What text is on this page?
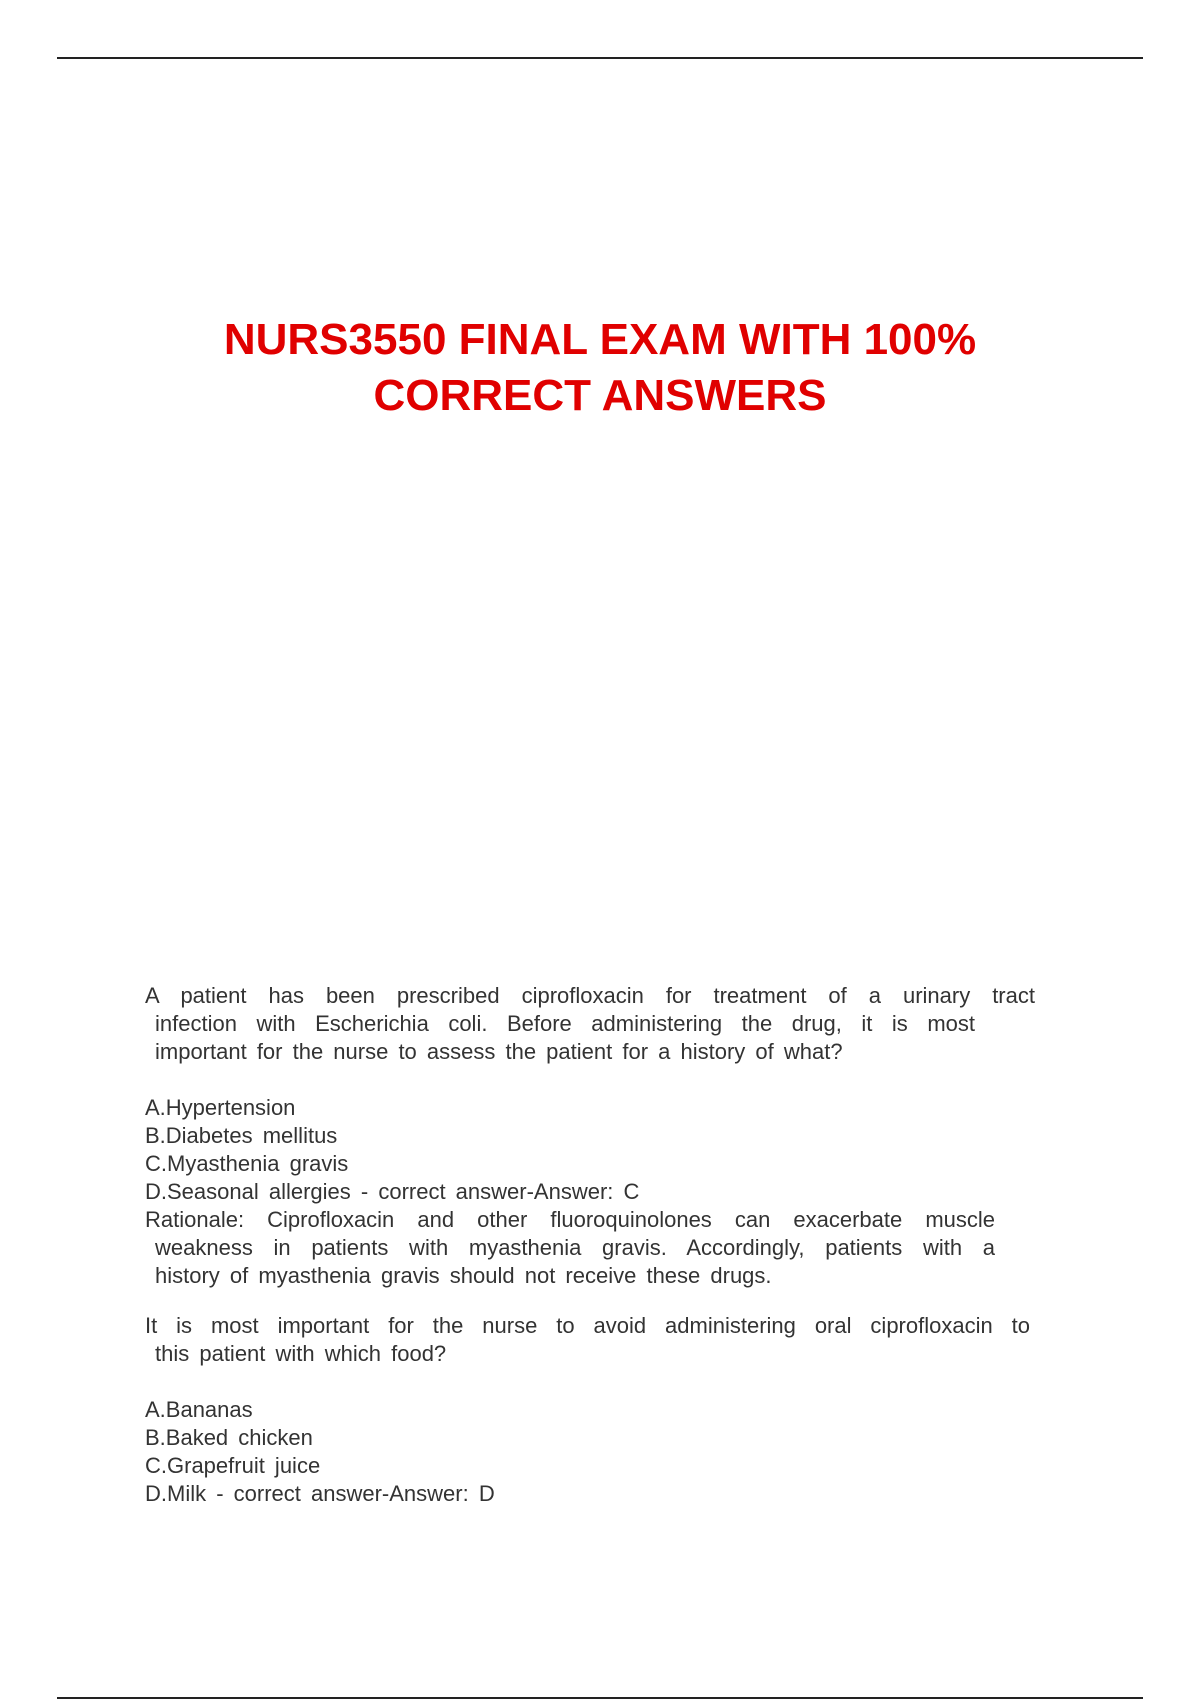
NURS3550 FINAL EXAM WITH 100%
CORRECT ANSWERS
A patient has been prescribed ciprofloxacin for treatment of a urinary tract
infection with Escherichia coli. Before administering the drug, it is most
important for the nurse to assess the patient for a history of what?
A.Hypertension
B.Diabetes mellitus
C.Myasthenia gravis
D.Seasonal allergies - correct answer-Answer: C
Rationale: Ciprofloxacin and other fluoroquinolones can exacerbate muscle
weakness in patients with myasthenia gravis. Accordingly, patients with a
history of myasthenia gravis should not receive these drugs.
It is most important for the nurse to avoid administering oral ciprofloxacin to
this patient with which food?
A.Bananas
B.Baked chicken
C.Grapefruit juice
D.Milk - correct answer-Answer: D
